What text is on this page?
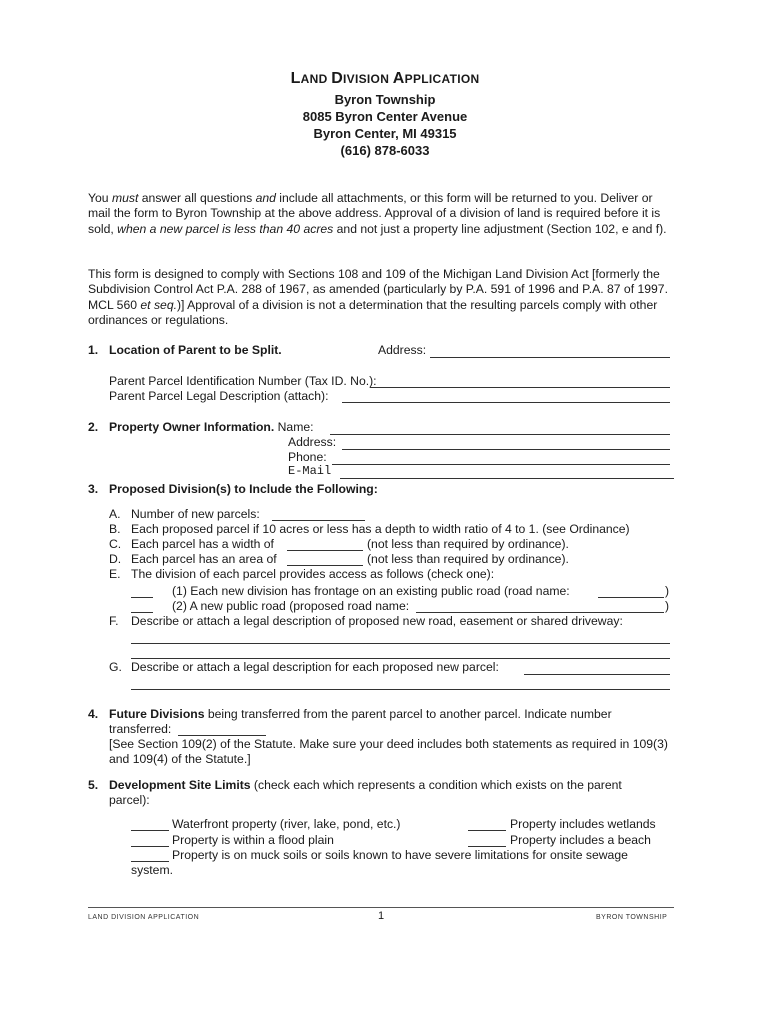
LAND DIVISION APPLICATION
Byron Township
8085 Byron Center Avenue
Byron Center, MI 49315
(616) 878-6033
You must answer all questions and include all attachments, or this form will be returned to you. Deliver or mail the form to Byron Township at the above address. Approval of a division of land is required before it is sold, when a new parcel is less than 40 acres and not just a property line adjustment (Section 102, e and f).
This form is designed to comply with Sections 108 and 109 of the Michigan Land Division Act [formerly the Subdivision Control Act P.A. 288 of 1967, as amended (particularly by P.A. 591 of 1996 and P.A. 87 of 1997. MCL 560 et seq.)] Approval of a division is not a determination that the resulting parcels comply with other ordinances or regulations.
1. Location of Parent to be Split.	Address:
Parent Parcel Identification Number (Tax ID. No.):
Parent Parcel Legal Description (attach):
2. Property Owner Information. Name:
Address:
Phone:
E-Mail
3. Proposed Division(s) to Include the Following:
A. Number of new parcels:
B. Each proposed parcel if 10 acres or less has a depth to width ratio of 4 to 1. (see Ordinance)
C. Each parcel has a width of	(not less than required by ordinance).
D. Each parcel has an area of	(not less than required by ordinance).
E. The division of each parcel provides access as follows (check one):
(1) Each new division has frontage on an existing public road (road name:	)
(2) A new public road (proposed road name:	)
F. Describe or attach a legal description of proposed new road, easement or shared driveway:
G. Describe or attach a legal description for each proposed new parcel:
4. Future Divisions being transferred from the parent parcel to another parcel. Indicate number
transferred:
[See Section 109(2) of the Statute. Make sure your deed includes both statements as required in 109(3) and 109(4) of the Statute.]
5. Development Site Limits (check each which represents a condition which exists on the parent
parcel):
Waterfront property (river, lake, pond, etc.)	Property includes wetlands
Property is within a flood plain	Property includes a beach
Property is on muck soils or soils known to have severe limitations for onsite sewage
system.
LAND DIVISION APPLICATION	1	BYRON TOWNSHIP
